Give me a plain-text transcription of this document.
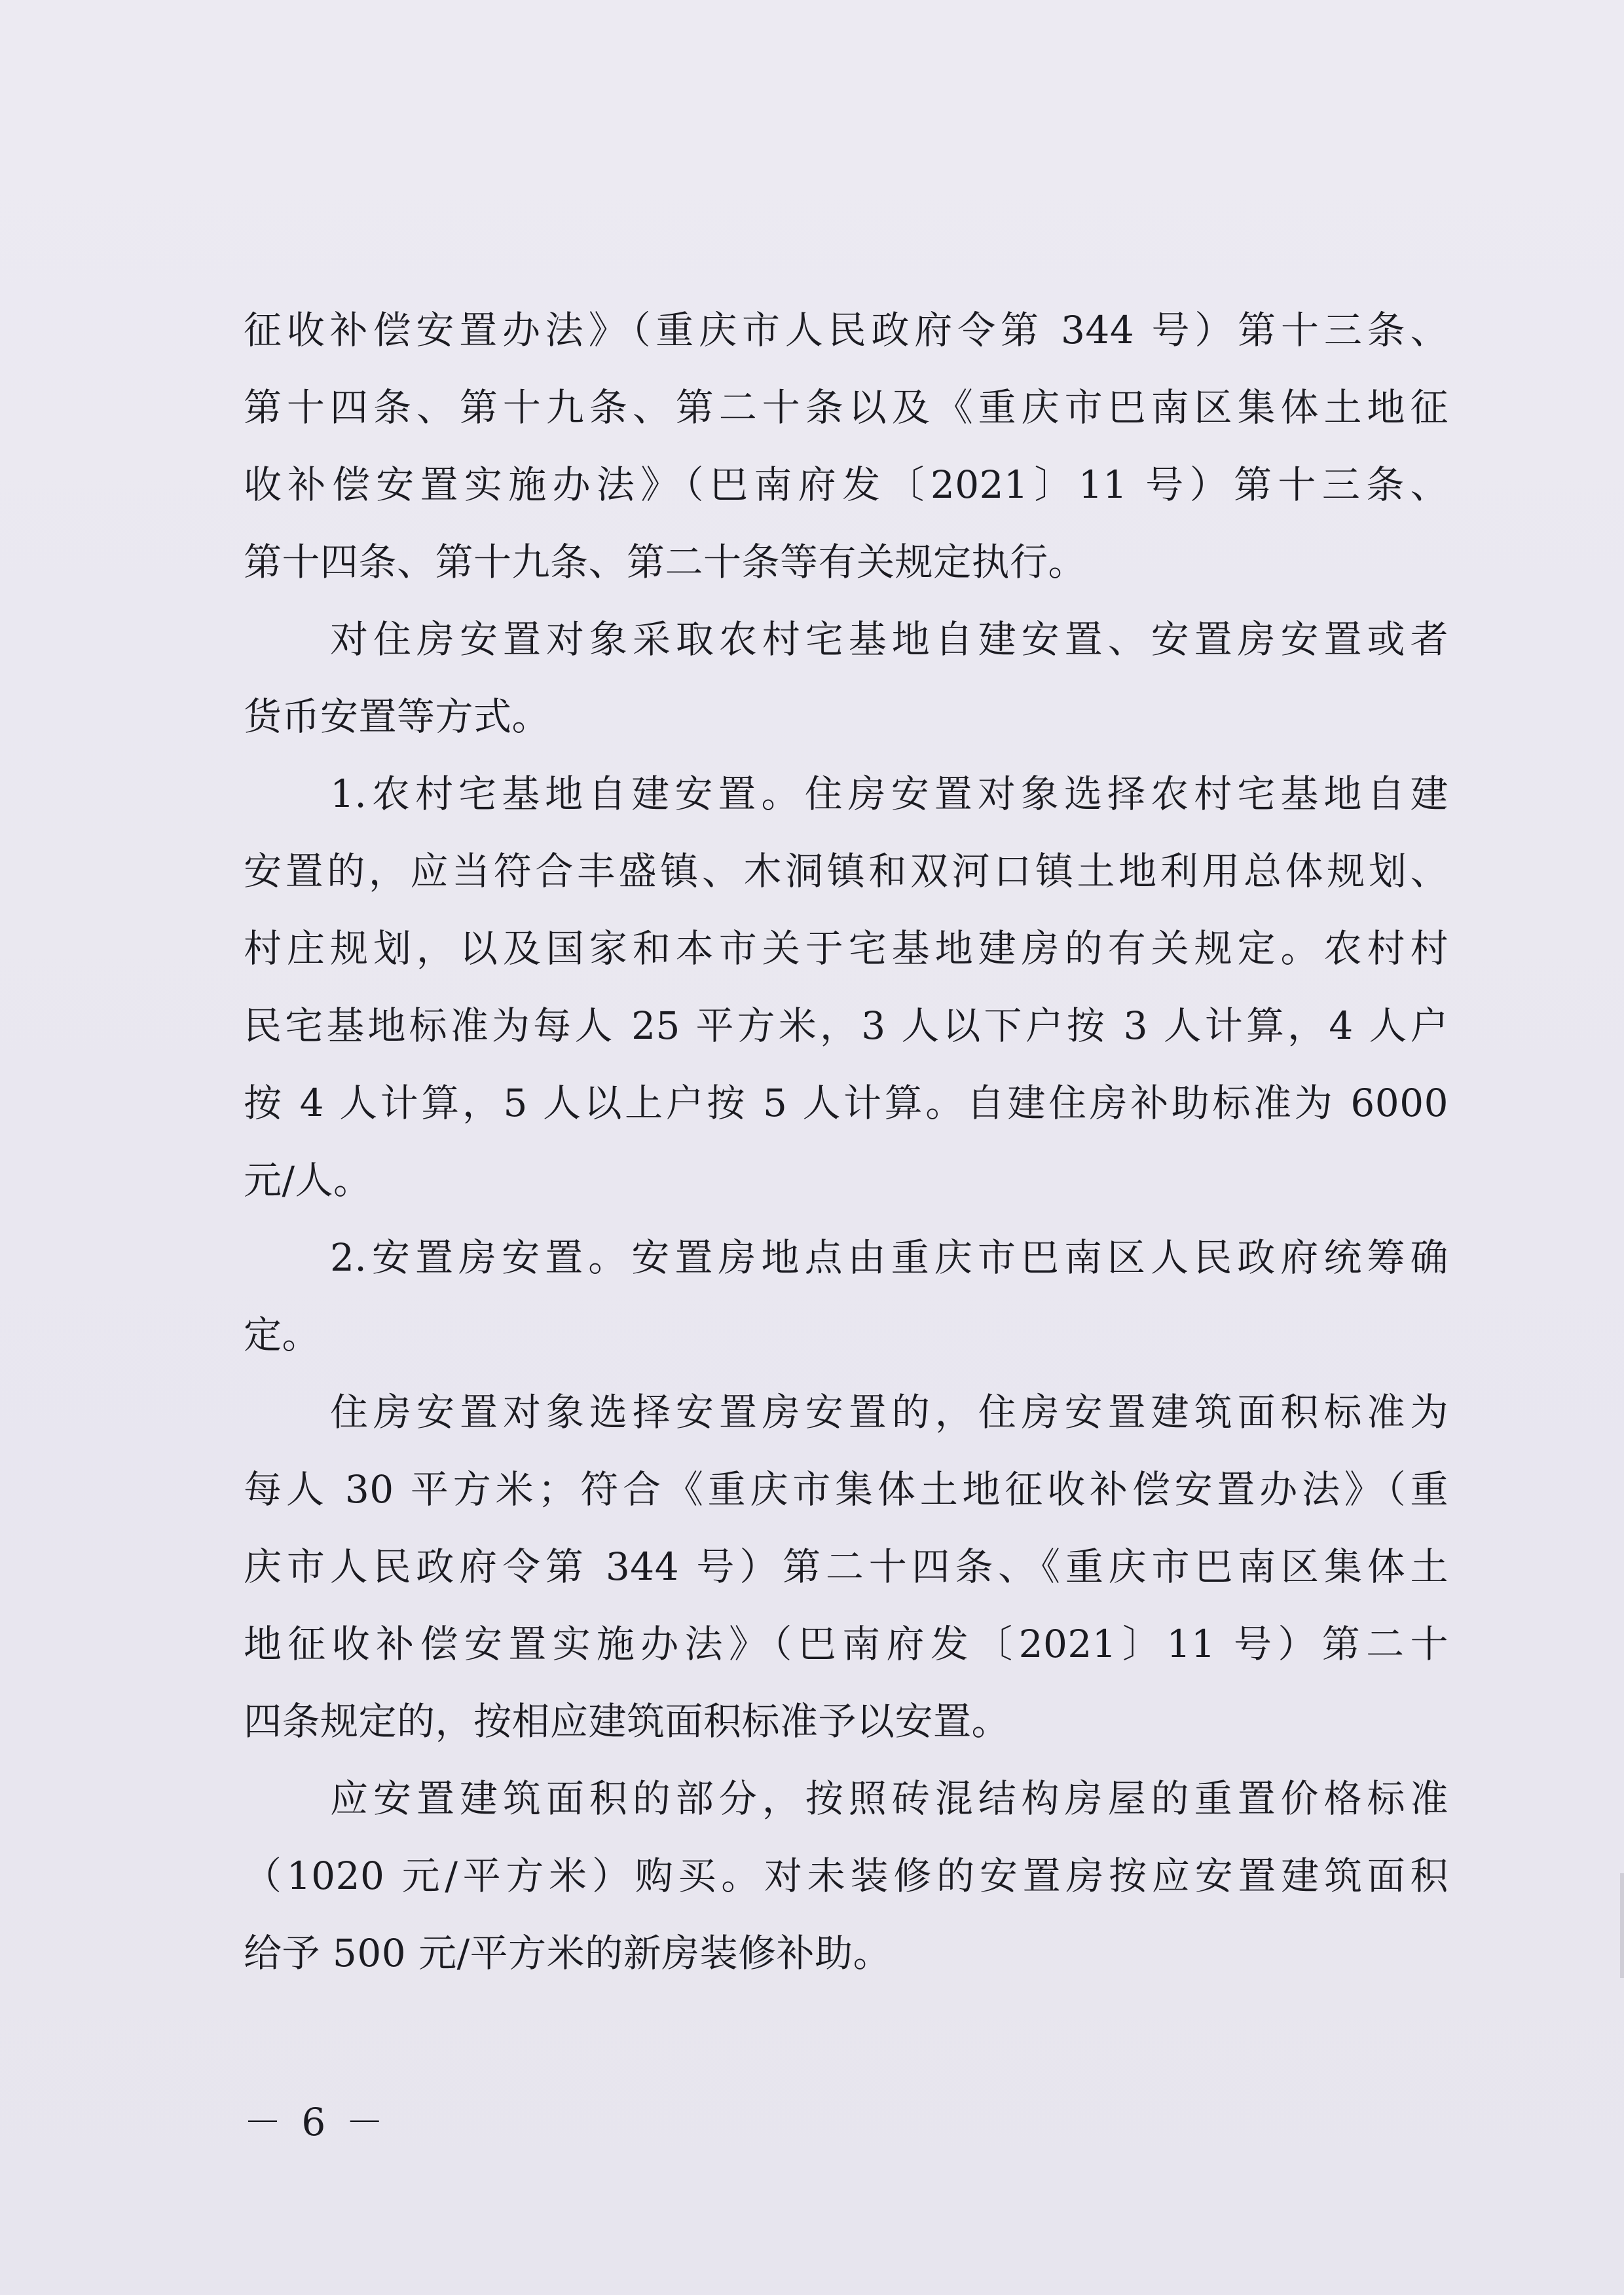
征收补偿安置办法》（重庆市人民政府令第 344 号）第十三条、
第十四条、第十九条、第二十条以及《重庆市巴南区集体土地征
收补偿安置实施办法》（巴南府发〔2021〕11 号）第十三条、
第十四条、第十九条、第二十条等有关规定执行。
对住房安置对象采取农村宅基地自建安置、安置房安置或者
货币安置等方式。
1.农村宅基地自建安置。住房安置对象选择农村宅基地自建
安置的，应当符合丰盛镇、木洞镇和双河口镇土地利用总体规划、
村庄规划，以及国家和本市关于宅基地建房的有关规定。农村村
民宅基地标准为每人 25 平方米，3 人以下户按 3 人计算，4 人户
按 4 人计算，5 人以上户按 5 人计算。自建住房补助标准为 6000
元/人。
2.安置房安置。安置房地点由重庆市巴南区人民政府统筹确
定。
住房安置对象选择安置房安置的，住房安置建筑面积标准为
每人 30 平方米；符合《重庆市集体土地征收补偿安置办法》（重
庆市人民政府令第 344 号）第二十四条、《重庆市巴南区集体土
地征收补偿安置实施办法》（巴南府发〔2021〕11 号）第二十
四条规定的，按相应建筑面积标准予以安置。
应安置建筑面积的部分，按照砖混结构房屋的重置价格标准
（1020 元/平方米）购买。对未装修的安置房按应安置建筑面积
给予 500 元/平方米的新房装修补助。
－ 6 －
